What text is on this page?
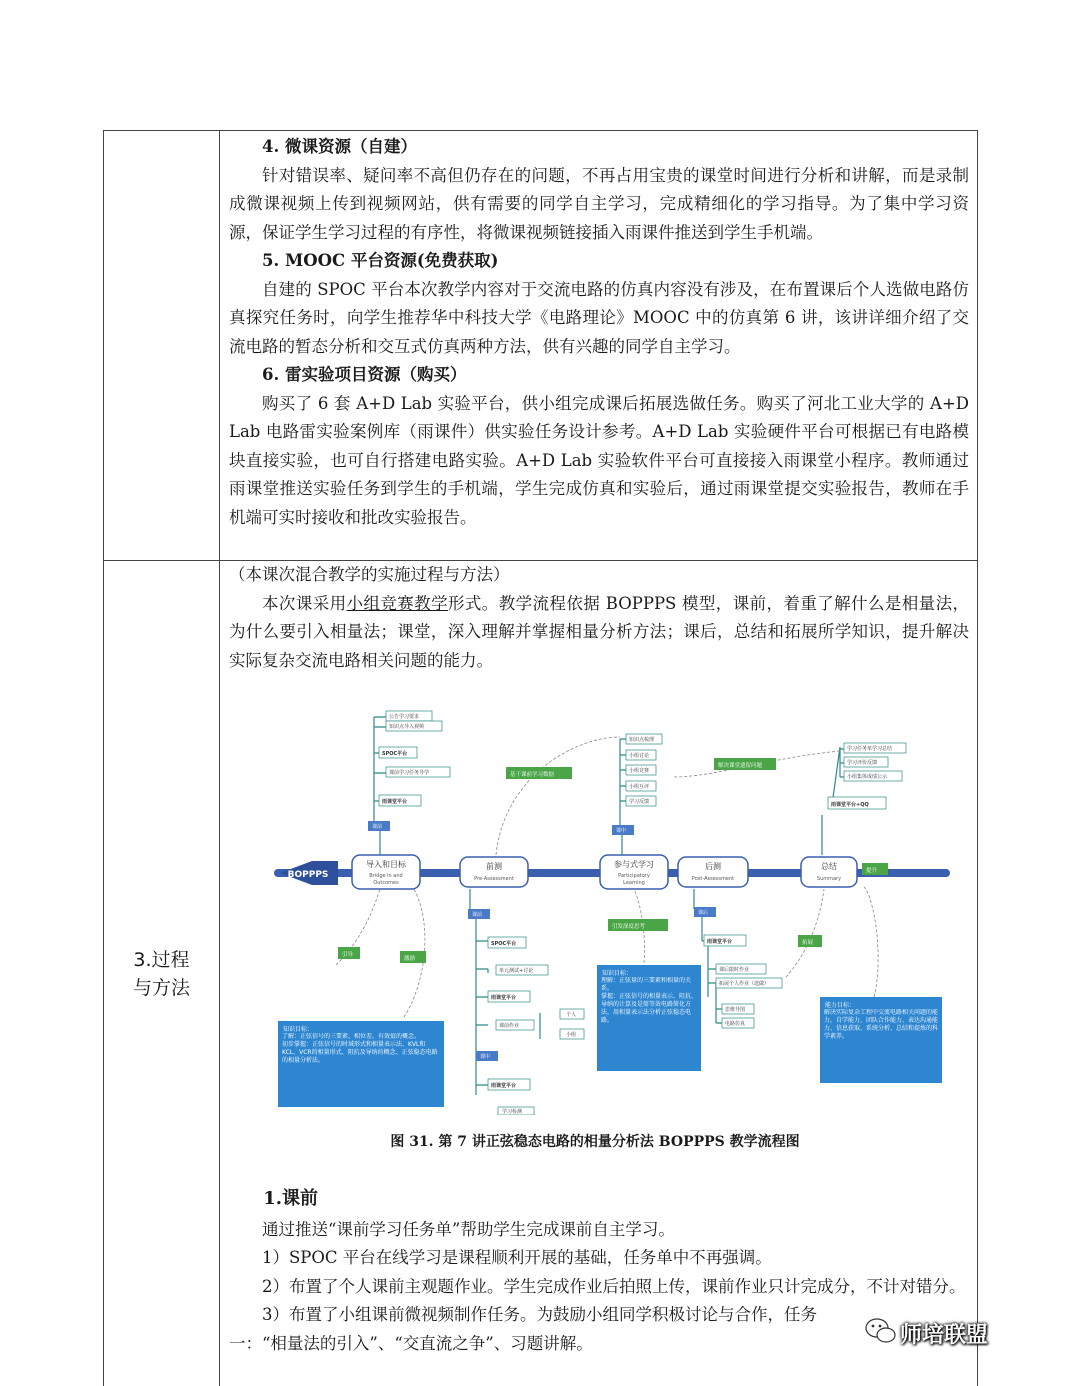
4. 微课资源（自建）

针对错误率、疑问率不高但仍存在的问题，不再占用宝贵的课堂时间进行分析和讲解，而是录制成微课视频上传到视频网站，供有需要的同学自主学习，完成精细化的学习指导。为了集中学习资源，保证学生学习过程的有序性，将微课视频链接插入雨课件推送到学生手机端。

5. MOOC 平台资源(免费获取)

自建的 SPOC 平台本次教学内容对于交流电路的仿真内容没有涉及，在布置课后个人选做电路仿真探究任务时，向学生推荐华中科技大学《电路理论》MOOC 中的仿真第 6 讲，该讲详细介绍了交流电路的暂态分析和交互式仿真两种方法，供有兴趣的同学自主学习。

6. 雷实验项目资源（购买）

购买了 6 套 A+D Lab 实验平台，供小组完成课后拓展选做任务。购买了河北工业大学的 A+D Lab 电路雷实验案例库（雨课件）供实验任务设计参考。A+D Lab 实验硬件平台可根据已有电路模块直接实验，也可自行搭建电路实验。A+D Lab 实验软件平台可直接接入雨课堂小程序。教师通过雨课堂推送实验任务到学生的手机端，学生完成仿真和实验后，通过雨课堂提交实验报告，教师在手机端可实时接收和批改实验报告。

3.过程与方法

（本课次混合教学的实施过程与方法）

本次课采用小组竞赛教学形式。教学流程依据 BOPPPS 模型，课前，着重了解什么是相量法，为什么要引入相量法；课堂，深入理解并掌握相量分析方法；课后，总结和拓展所学知识，提升解决实际复杂交流电路相关问题的能力。

1.课前

通过推送“课前学习任务单”帮助学生完成课前自主学习。

1）SPOC 平台在线学习是课程顺利开展的基础，任务单中不再强调。

2）布置了个人课前主观题作业。学生完成作业后拍照上传，课前作业只计完成分，不计对错分。

3）布置了小组课前微视频制作任务。为鼓励小组同学积极讨论与合作，任务

一：“相量法的引入”、“交直流之争”、习题讲解。

BOPPPS
导入和目标
Bridge in and
Outcomes
前测
Pre-Assessment
参与式学习
Participatory
Learning
后测
Post-Assessment
总结
Summary
公告学习要求
知识点导入视频
SPOC平台
课前学习任务导学
雨课堂平台
课前
知识点梳理
小组讨论
小组竞赛
小组互评
学习反馈
课中
学习任务单学习总结
学习评价反馈
小组集体成绩公示
雨课堂平台+QQ
基于课前学习数据
解决课堂遗留问题
引导
激励
引发深度思考
拓展
提升
课前
SPOC平台
单元测试+讨论
雨课堂平台
课前作业
个人
小组
课中
雨课堂平台
学习检测
课后
雨课堂平台
课后限时作业
拓展个人作业（选做）
思维导图
电路仿真
知识目标：
了解：正弦信号的三要素、相位差、有效值的概念。
初步掌握：正弦信号的时域形式和相量表示法、KVL和KCL、VCR的相量形式、阻抗及导纳的概念、正弦稳态电路的相量分析法。
知识目标：
理解：正弦量的三要素和相量的关系。
掌握：正弦信号的相量表示、阻抗、导纳的计算及是简等效电路简化方法，用相量表示法分析正弦稳态电路。
能力目标：
解决实际复杂工程中交流电路相关问题的能力，自学能力、团队合作能力、表达沟通能力、信息获取、系统分析、总结和提炼的科学素养。
图 31. 第 7 讲正弦稳态电路的相量分析法 BOPPPS 教学流程图
师培联盟
